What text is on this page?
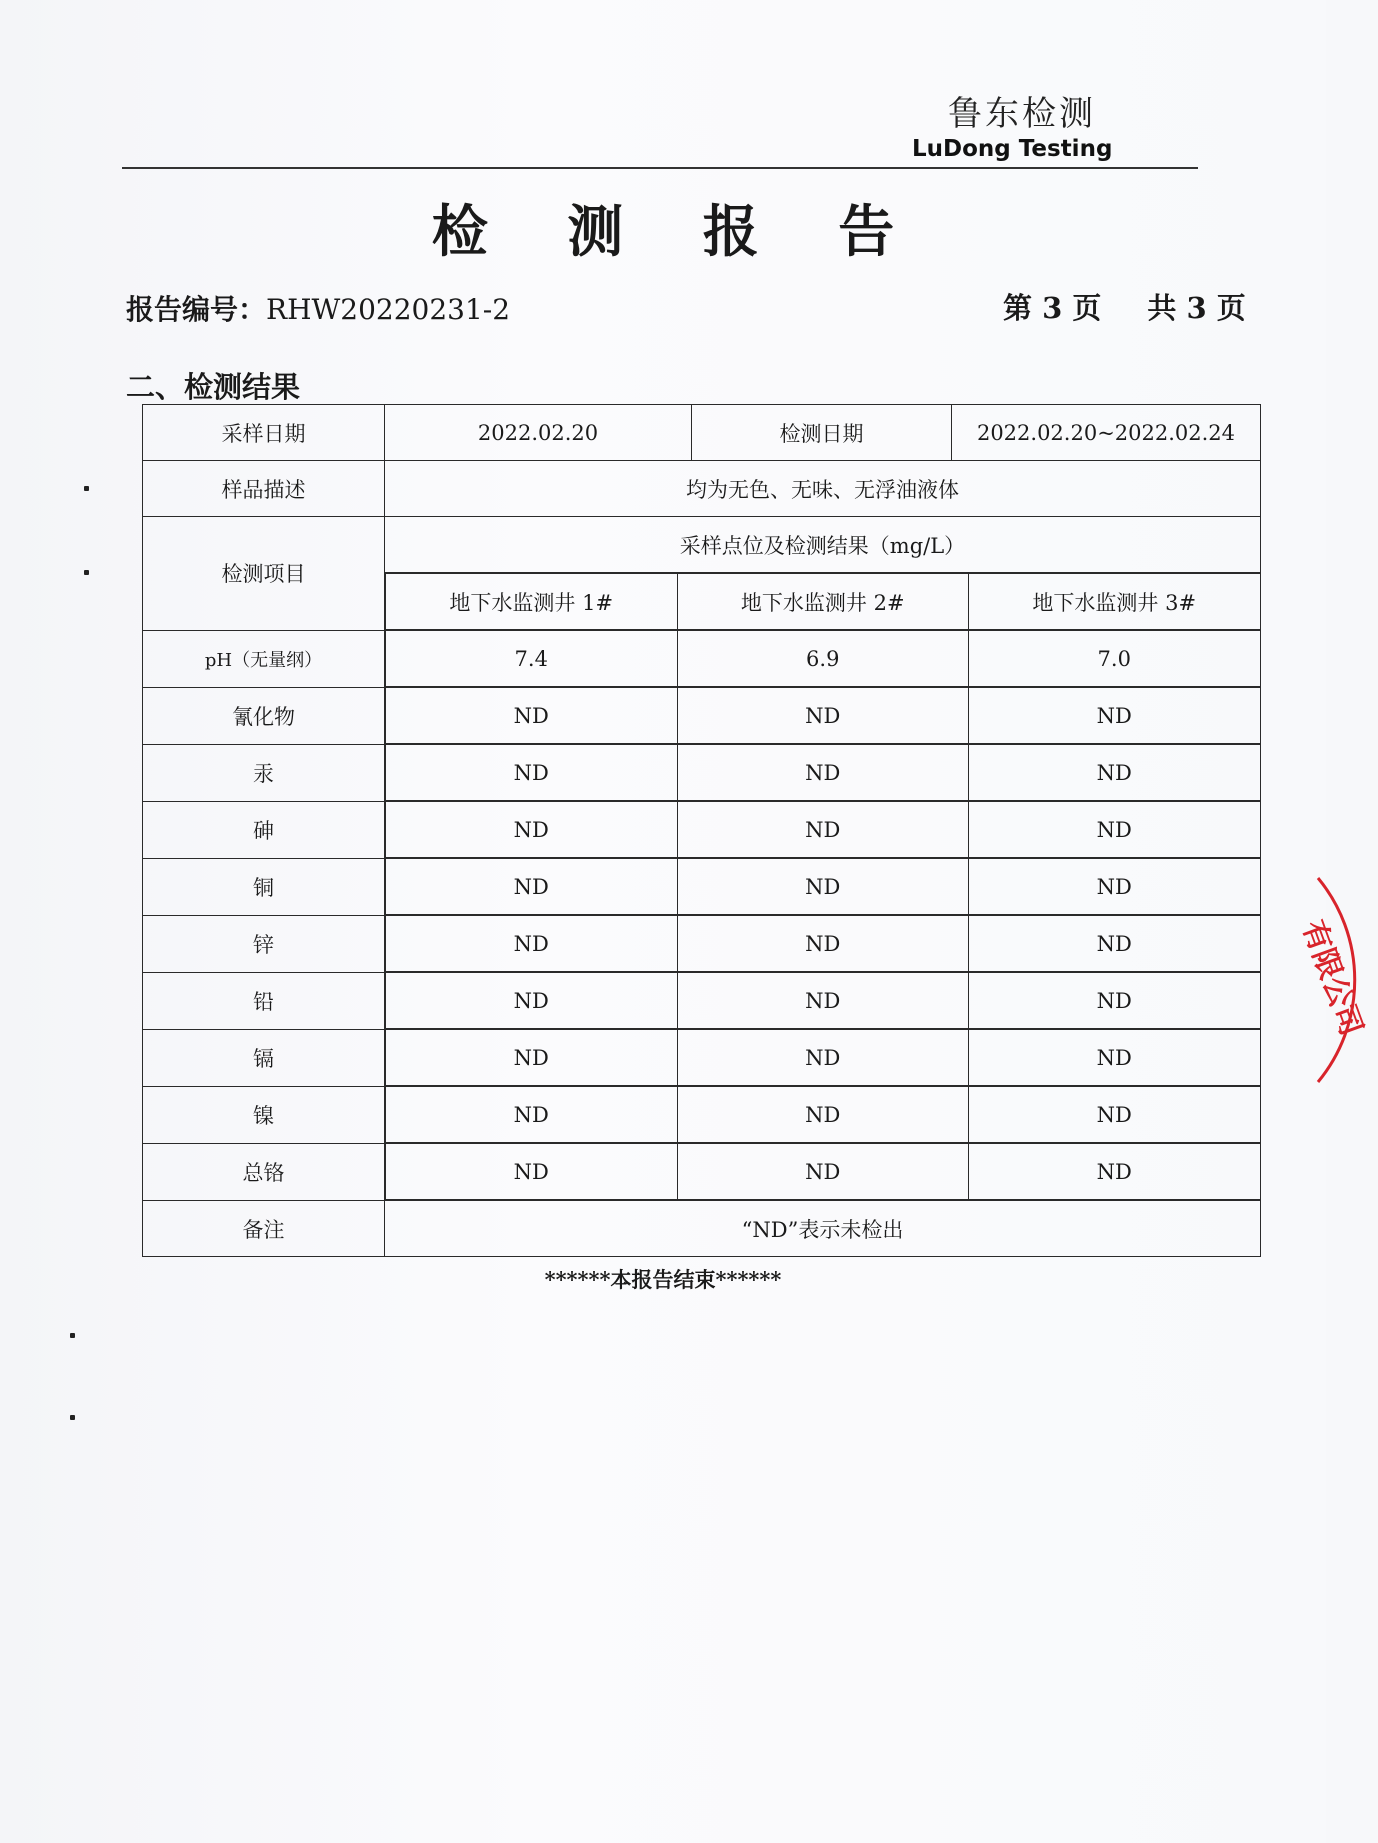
鲁东检测
LuDong Testing
检 测 报 告
报告编号：RHW20220231-2	第 3 页 共 3 页
二、检测结果
采样日期	2022.02.20	检测日期	2022.02.20~2022.02.24
样品描述	均为无色、无味、无浮油液体
检测项目	采样点位及检测结果（mg/L）

地下水监测井 1#	地下水监测井 2#	地下水监测井 3#

pH（无量纲）		7.4	6.9	7.0

氰化物		ND	ND	ND

汞		ND	ND	ND

砷		ND	ND	ND

铜		ND	ND	ND

锌		ND	ND	ND

铅		ND	ND	ND

镉		ND	ND	ND

镍		ND	ND	ND

总铬		ND	ND	ND

备注	“ND”表示未检出
******本报告结束******
有限公司
